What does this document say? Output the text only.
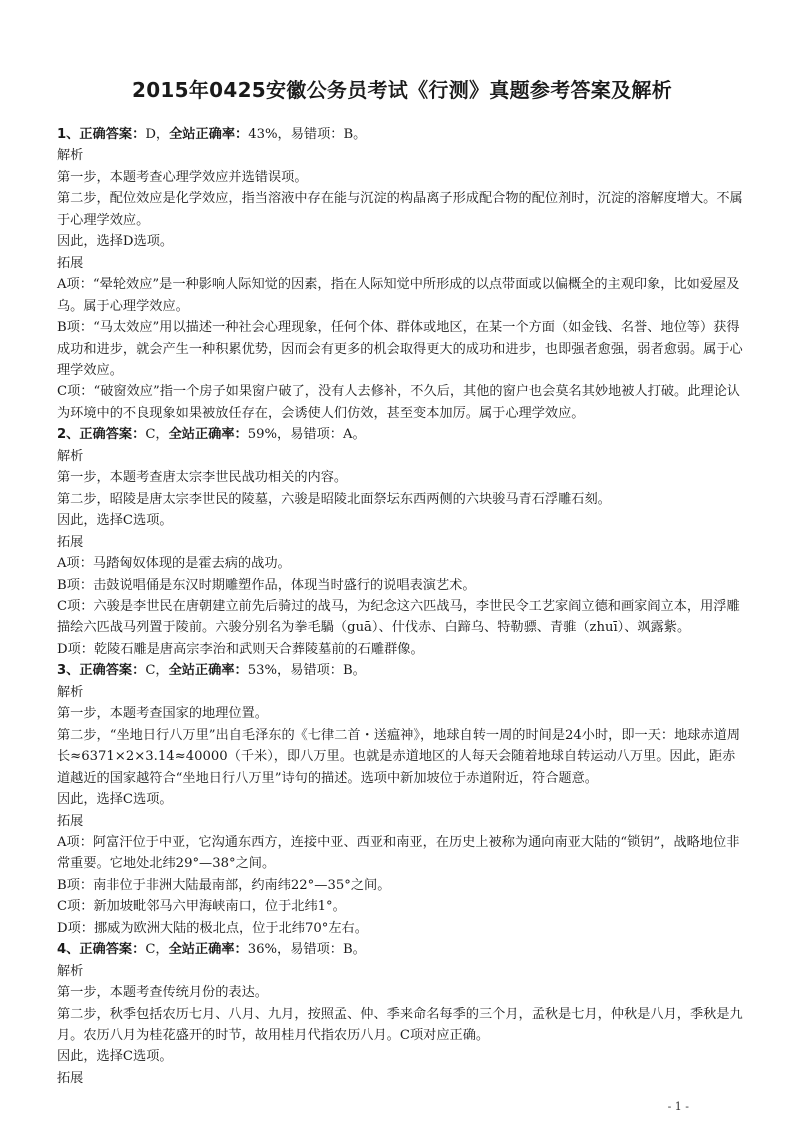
2015年0425安徽公务员考试《行测》真题参考答案及解析
1、正确答案：D，全站正确率：43%，易错项：B。
解析
第一步，本题考查心理学效应并选错误项。
第二步，配位效应是化学效应，指当溶液中存在能与沉淀的构晶离子形成配合物的配位剂时，沉淀的溶解度增大。不属于心理学效应。
因此，选择D选项。
拓展
A项：“晕轮效应”是一种影响人际知觉的因素，指在人际知觉中所形成的以点带面或以偏概全的主观印象，比如爱屋及乌。属于心理学效应。
B项：“马太效应”用以描述一种社会心理现象，任何个体、群体或地区，在某一个方面（如金钱、名誉、地位等）获得成功和进步，就会产生一种积累优势，因而会有更多的机会取得更大的成功和进步，也即强者愈强，弱者愈弱。属于心理学效应。
C项：“破窗效应”指一个房子如果窗户破了，没有人去修补，不久后，其他的窗户也会莫名其妙地被人打破。此理论认为环境中的不良现象如果被放任存在，会诱使人们仿效，甚至变本加厉。属于心理学效应。
2、正确答案：C，全站正确率：59%，易错项：A。
解析
第一步，本题考查唐太宗李世民战功相关的内容。
第二步，昭陵是唐太宗李世民的陵墓，六骏是昭陵北面祭坛东西两侧的六块骏马青石浮雕石刻。
因此，选择C选项。
拓展
A项：马踏匈奴体现的是霍去病的战功。
B项：击鼓说唱俑是东汉时期雕塑作品，体现当时盛行的说唱表演艺术。
C项：六骏是李世民在唐朝建立前先后骑过的战马，为纪念这六匹战马，李世民令工艺家阎立德和画家阎立本，用浮雕描绘六匹战马列置于陵前。六骏分别名为拳毛騧（guā）、什伐赤、白蹄乌、特勒骠、青骓（zhuī）、飒露紫。
D项：乾陵石雕是唐高宗李治和武则天合葬陵墓前的石雕群像。
3、正确答案：C，全站正确率：53%，易错项：B。
解析
第一步，本题考查国家的地理位置。
第二步，“坐地日行八万里”出自毛泽东的《七律二首・送瘟神》，地球自转一周的时间是24小时，即一天：地球赤道周长≈6371×2×3.14≈40000（千米），即八万里。也就是赤道地区的人每天会随着地球自转运动八万里。因此，距赤道越近的国家越符合“坐地日行八万里”诗句的描述。选项中新加坡位于赤道附近，符合题意。
因此，选择C选项。
拓展
A项：阿富汗位于中亚，它沟通东西方，连接中亚、西亚和南亚，在历史上被称为通向南亚大陆的“锁钥”，战略地位非常重要。它地处北纬29°—38°之间。
B项：南非位于非洲大陆最南部，约南纬22°—35°之间。
C项：新加坡毗邻马六甲海峡南口，位于北纬1°。
D项：挪威为欧洲大陆的极北点，位于北纬70°左右。
4、正确答案：C，全站正确率：36%，易错项：B。
解析
第一步，本题考查传统月份的表达。
第二步，秋季包括农历七月、八月、九月，按照孟、仲、季来命名每季的三个月，孟秋是七月，仲秋是八月，季秋是九月。农历八月为桂花盛开的时节，故用桂月代指农历八月。C项对应正确。
因此，选择C选项。
拓展
- 1 -
